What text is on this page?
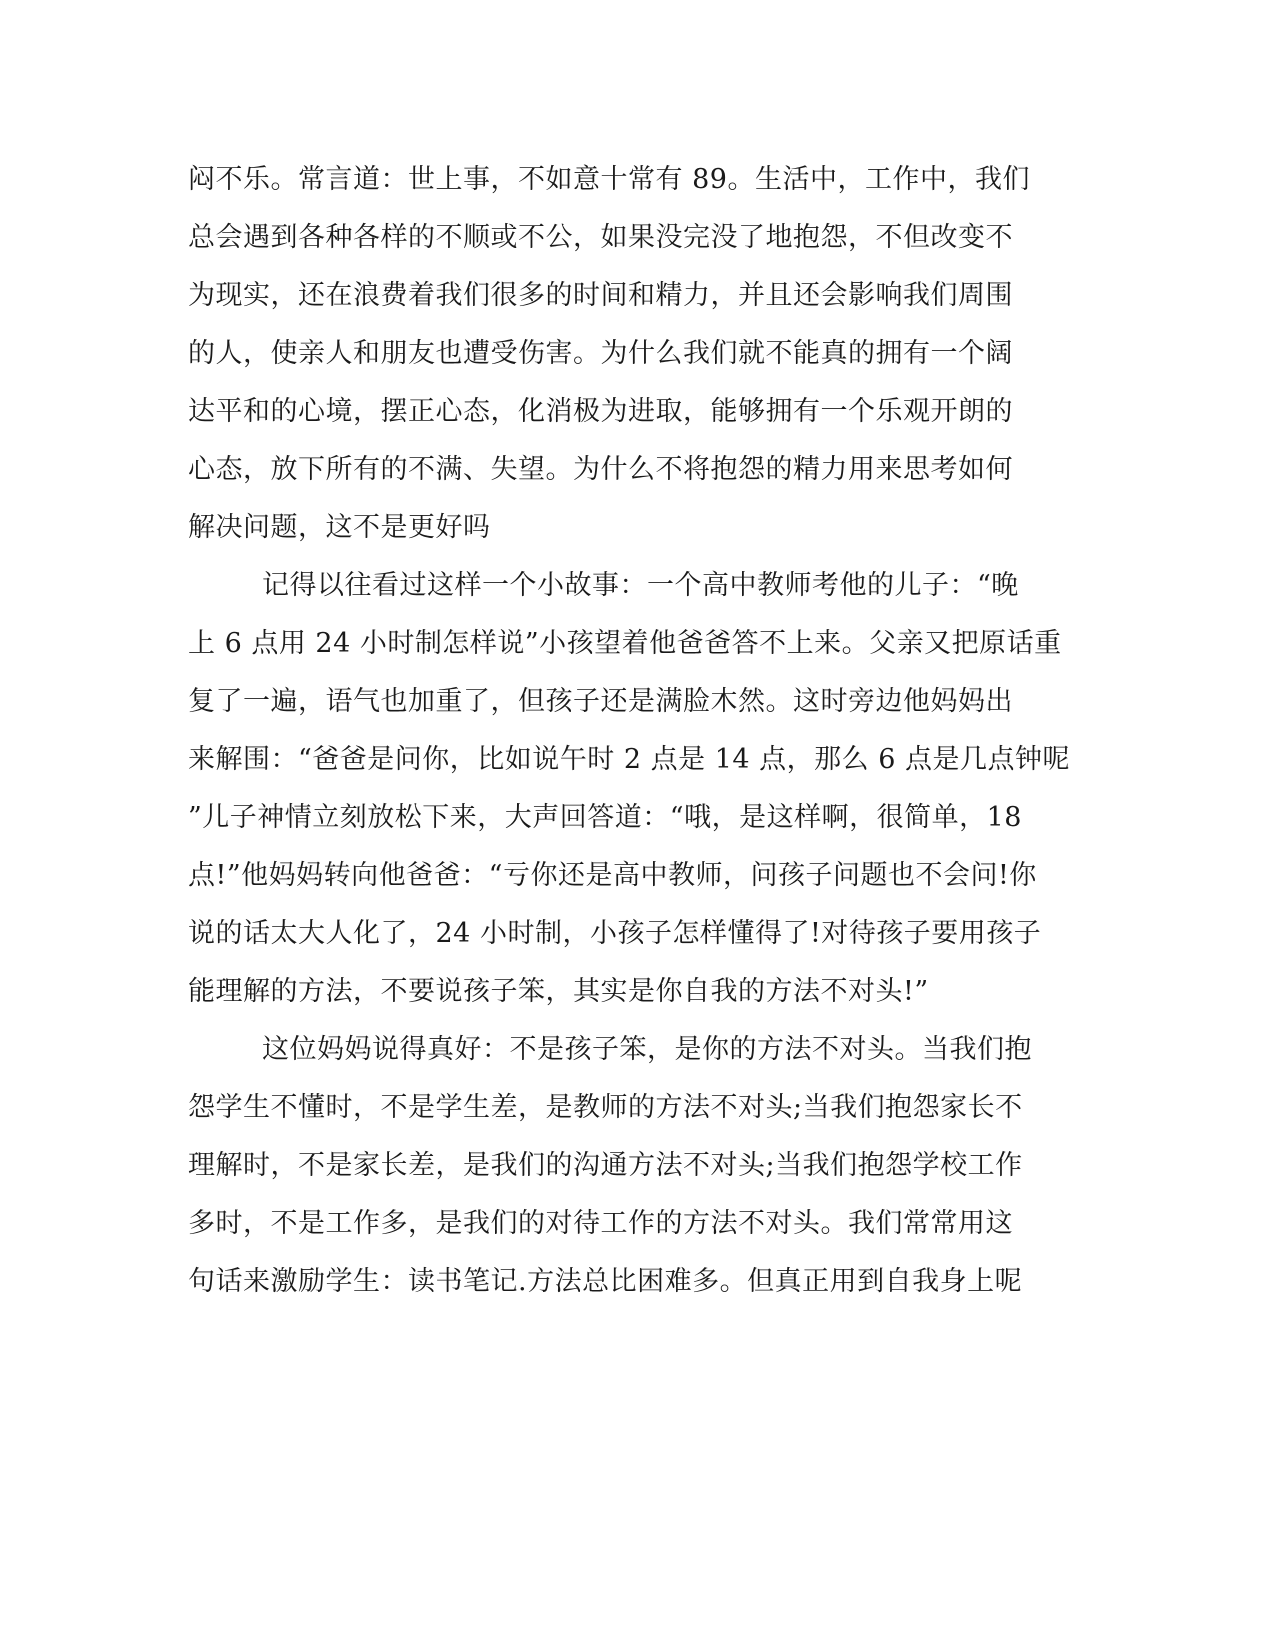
闷不乐。常言道：世上事，不如意十常有 89。生活中，工作中，我们
总会遇到各种各样的不顺或不公，如果没完没了地抱怨，不但改变不
为现实，还在浪费着我们很多的时间和精力，并且还会影响我们周围
的人，使亲人和朋友也遭受伤害。为什么我们就不能真的拥有一个阔
达平和的心境，摆正心态，化消极为进取，能够拥有一个乐观开朗的
心态，放下所有的不满、失望。为什么不将抱怨的精力用来思考如何
解决问题，这不是更好吗
记得以往看过这样一个小故事：一个高中教师考他的儿子：“晚
上 6 点用 24 小时制怎样说”小孩望着他爸爸答不上来。父亲又把原话重
复了一遍，语气也加重了，但孩子还是满脸木然。这时旁边他妈妈出
来解围：“爸爸是问你，比如说午时 2 点是 14 点，那么 6 点是几点钟呢
”儿子神情立刻放松下来，大声回答道：“哦，是这样啊，很简单，18
点!”他妈妈转向他爸爸：“亏你还是高中教师，问孩子问题也不会问!你
说的话太大人化了，24 小时制，小孩子怎样懂得了!对待孩子要用孩子
能理解的方法，不要说孩子笨，其实是你自我的方法不对头!”
这位妈妈说得真好：不是孩子笨，是你的方法不对头。当我们抱
怨学生不懂时，不是学生差，是教师的方法不对头;当我们抱怨家长不
理解时，不是家长差，是我们的沟通方法不对头;当我们抱怨学校工作
多时，不是工作多，是我们的对待工作的方法不对头。我们常常用这
句话来激励学生：读书笔记.方法总比困难多。但真正用到自我身上呢
